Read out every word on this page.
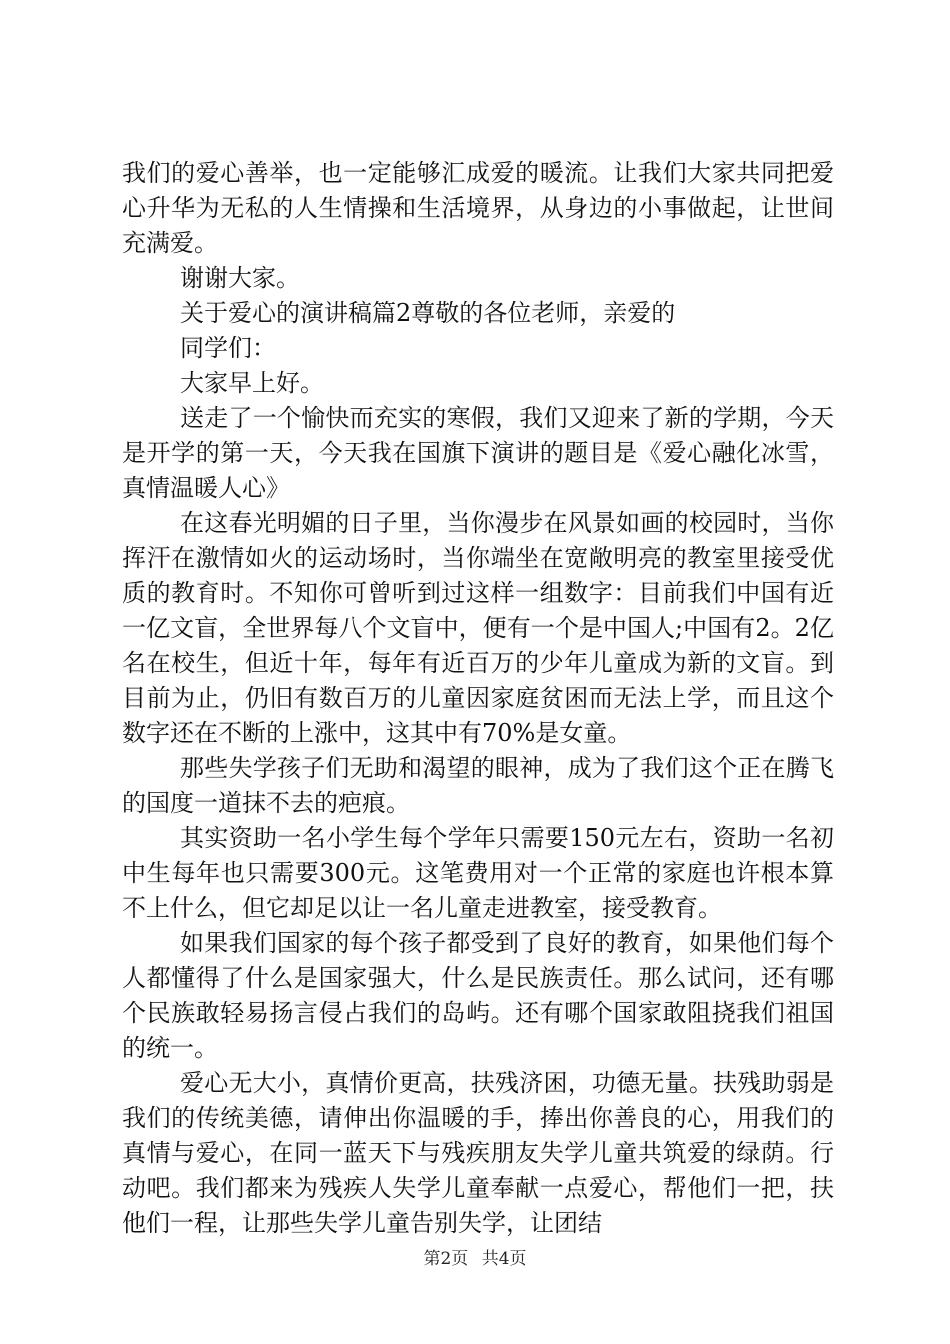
我们的爱心善举，也一定能够汇成爱的暖流。让我们大家共同把爱心升华为无私的人生情操和生活境界，从身边的小事做起，让世间充满爱。

谢谢大家。

关于爱心的演讲稿篇2尊敬的各位老师，亲爱的

同学们：

大家早上好。

送走了一个愉快而充实的寒假，我们又迎来了新的学期，今天是开学的第一天，今天我在国旗下演讲的题目是《爱心融化冰雪，真情温暖人心》

在这春光明媚的日子里，当你漫步在风景如画的校园时，当你挥汗在激情如火的运动场时，当你端坐在宽敞明亮的教室里接受优质的教育时。不知你可曾听到过这样一组数字：目前我们中国有近一亿文盲，全世界每八个文盲中，便有一个是中国人;中国有2。2亿名在校生，但近十年，每年有近百万的少年儿童成为新的文盲。到目前为止，仍旧有数百万的儿童因家庭贫困而无法上学，而且这个数字还在不断的上涨中，这其中有70%是女童。

那些失学孩子们无助和渴望的眼神，成为了我们这个正在腾飞的国度一道抹不去的疤痕。

其实资助一名小学生每个学年只需要150元左右，资助一名初中生每年也只需要300元。这笔费用对一个正常的家庭也许根本算不上什么，但它却足以让一名儿童走进教室，接受教育。

如果我们国家的每个孩子都受到了良好的教育，如果他们每个人都懂得了什么是国家强大，什么是民族责任。那么试问，还有哪个民族敢轻易扬言侵占我们的岛屿。还有哪个国家敢阻挠我们祖国的统一。

爱心无大小，真情价更高，扶残济困，功德无量。扶残助弱是我们的传统美德，请伸出你温暖的手，捧出你善良的心，用我们的真情与爱心，在同一蓝天下与残疾朋友失学儿童共筑爱的绿荫。行动吧。我们都来为残疾人失学儿童奉献一点爱心，帮他们一把，扶他们一程，让那些失学儿童告别失学，让团结

第2页 共4页
